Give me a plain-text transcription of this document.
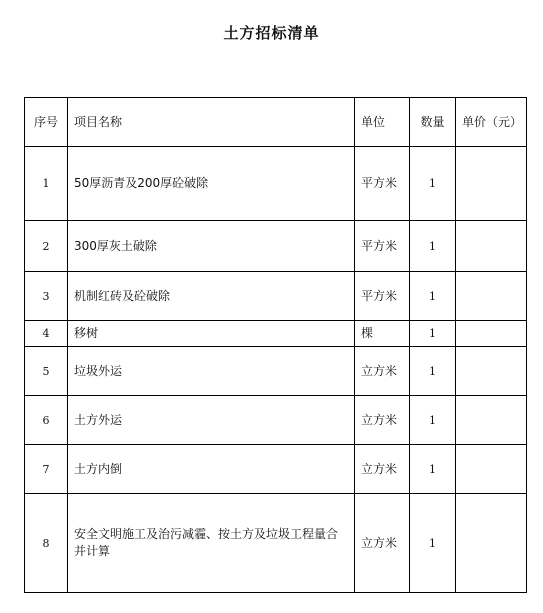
土方招标清单
序号	项目名称	单位	数量	单价（元）
1	50厚沥青及200厚砼破除	平方米	1	
2	300厚灰土破除	平方米	1	
3	机制红砖及砼破除	平方米	1	
4	移树	棵	1	
5	垃圾外运	立方米	1	
6	土方外运	立方米	1	
7	土方内倒	立方米	1	
8	安全文明施工及治污减霾、按土方及垃圾工程量合并计算	立方米	1	
